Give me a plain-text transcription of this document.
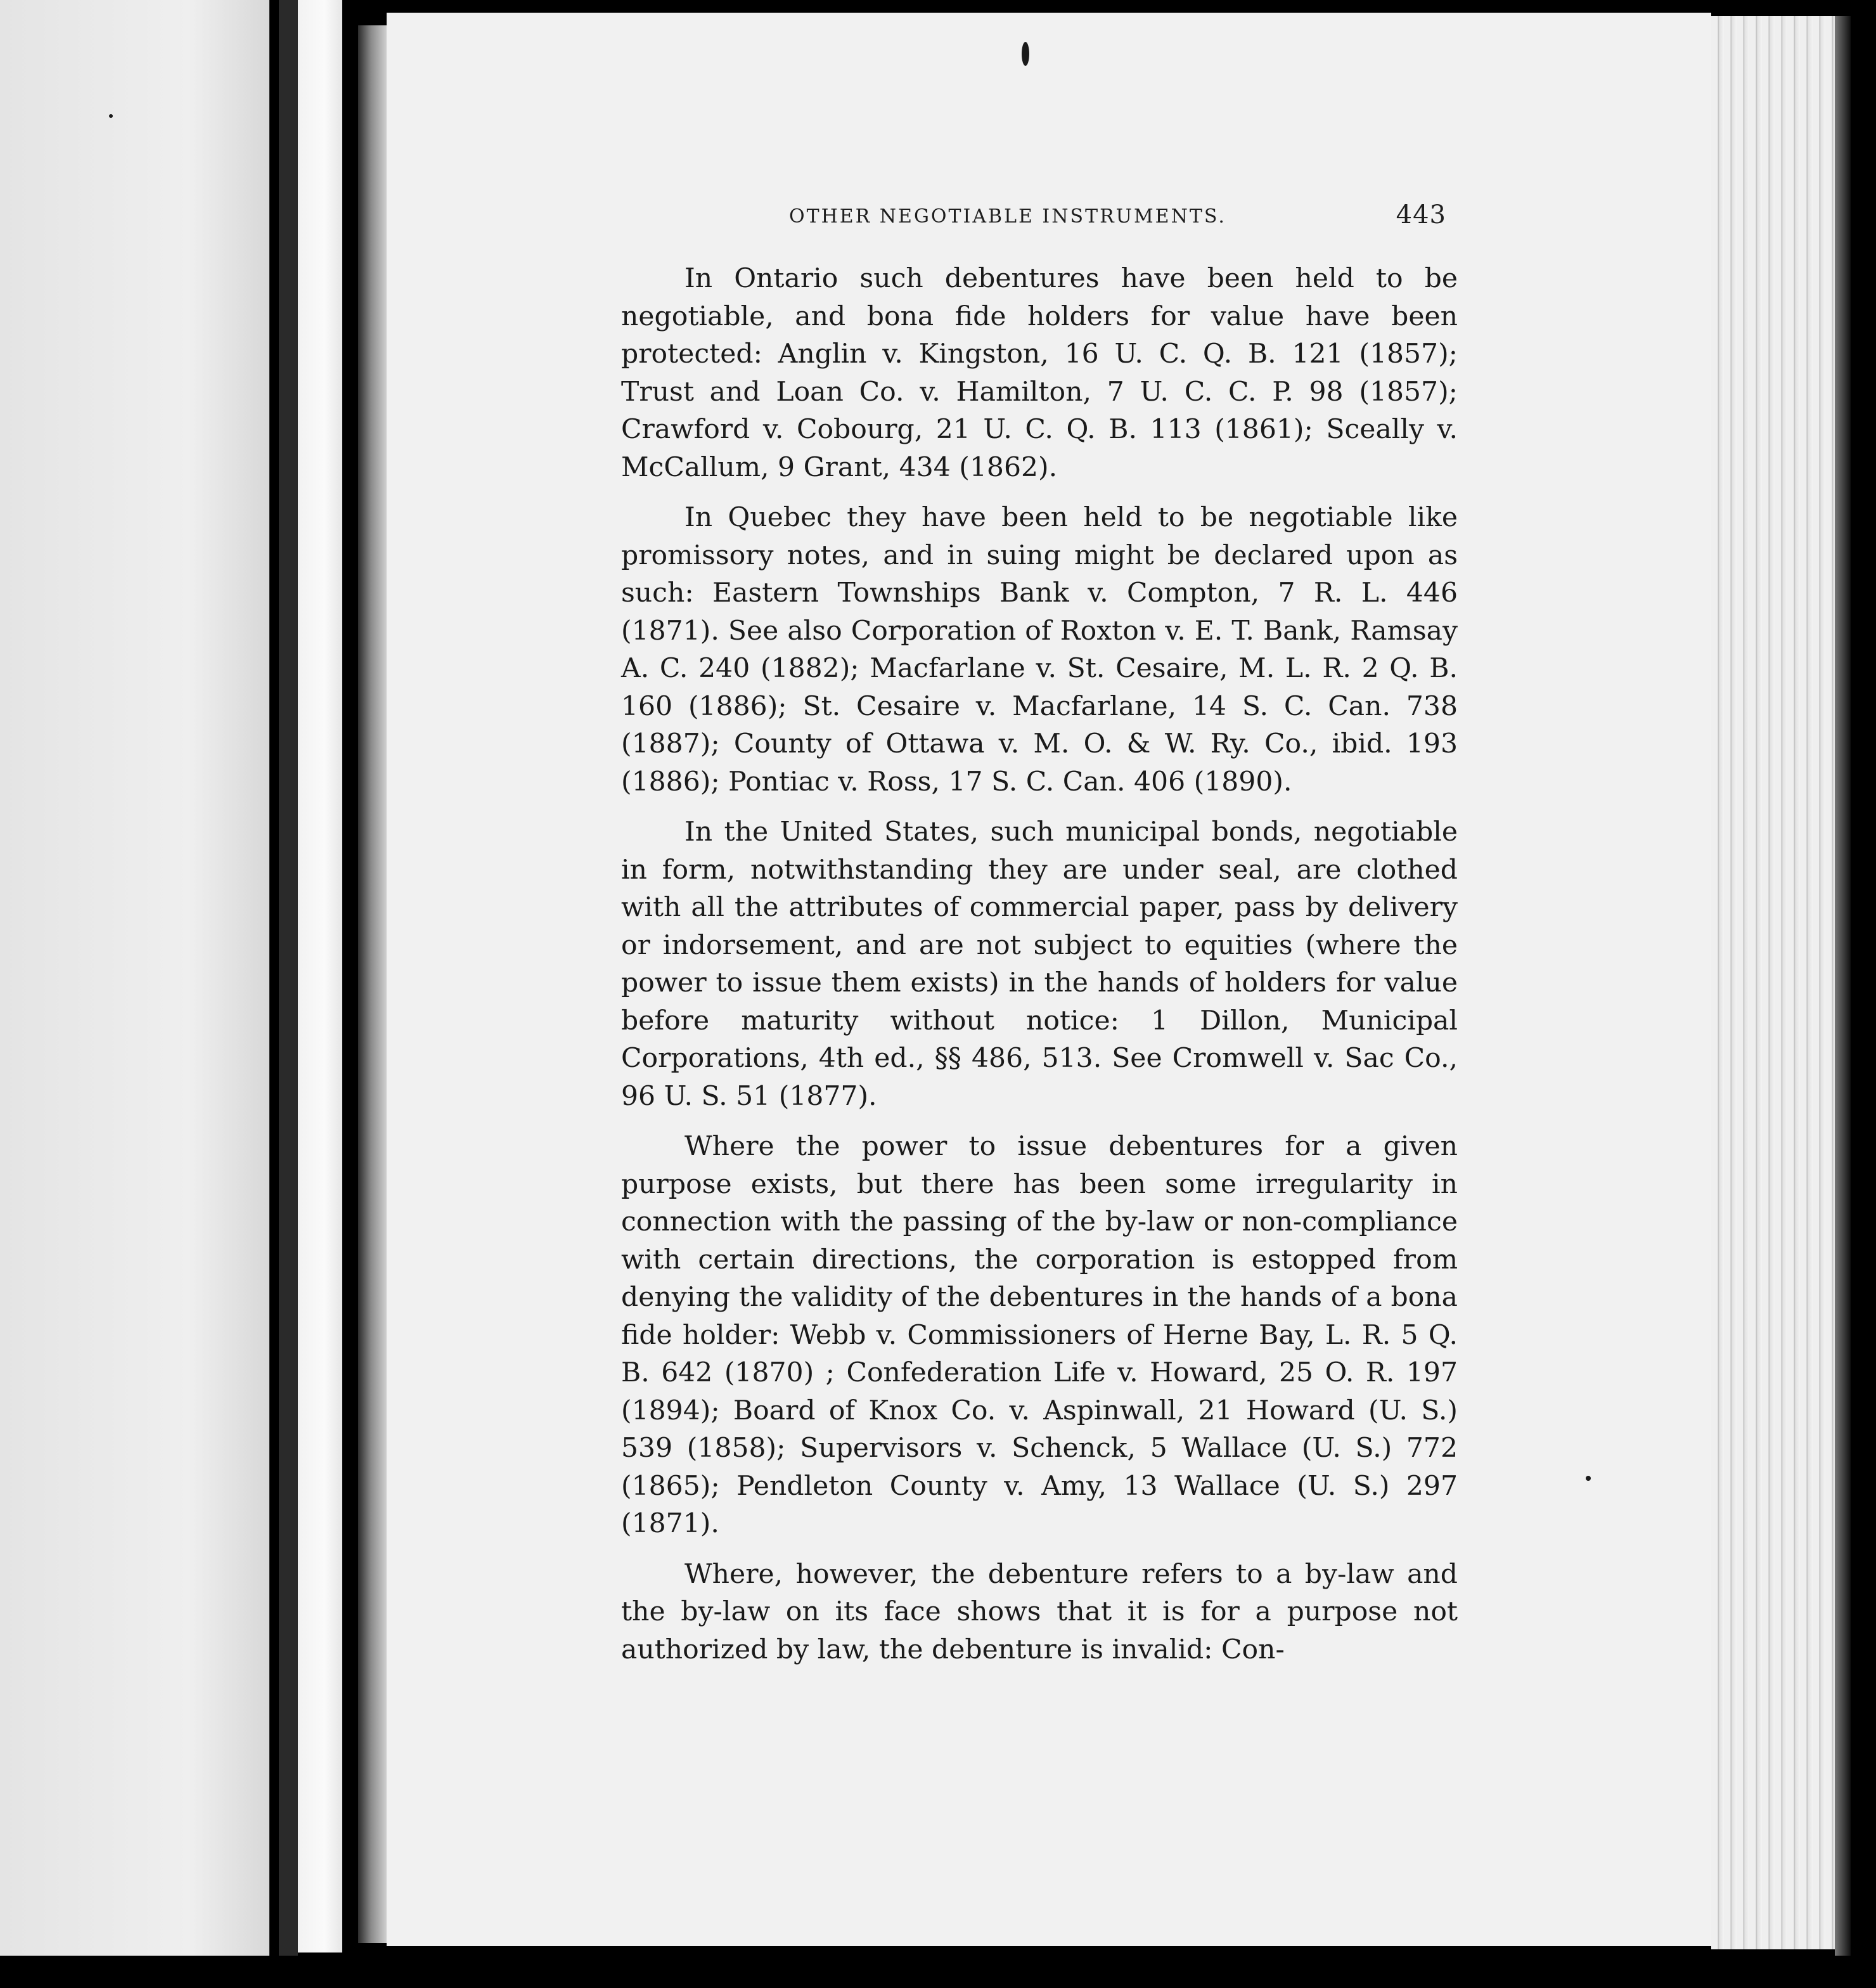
OTHER NEGOTIABLE INSTRUMENTS.	443

In Ontario such debentures have been held to be negotiable, and bona fide holders for value have been protected: Anglin v. Kingston, 16 U. C. Q. B. 121 (1857); Trust and Loan Co. v. Hamilton, 7 U. C. C. P. 98 (1857); Crawford v. Cobourg, 21 U. C. Q. B. 113 (1861); Sceally v. McCallum, 9 Grant, 434 (1862).

In Quebec they have been held to be negotiable like promissory notes, and in suing might be declared upon as such: Eastern Townships Bank v. Compton, 7 R. L. 446 (1871). See also Corporation of Roxton v. E. T. Bank, Ramsay A. C. 240 (1882); Macfarlane v. St. Cesaire, M. L. R. 2 Q. B. 160 (1886); St. Cesaire v. Macfarlane, 14 S. C. Can. 738 (1887); County of Ottawa v. M. O. & W. Ry. Co., ibid. 193 (1886); Pontiac v. Ross, 17 S. C. Can. 406 (1890).

In the United States, such municipal bonds, negotiable in form, notwithstanding they are under seal, are clothed with all the attributes of commercial paper, pass by delivery or indorsement, and are not subject to equities (where the power to issue them exists) in the hands of holders for value before maturity without notice: 1 Dillon, Municipal Corporations, 4th ed., §§ 486, 513. See Cromwell v. Sac Co., 96 U. S. 51 (1877).

Where the power to issue debentures for a given purpose exists, but there has been some irregularity in connection with the passing of the by-law or non-compliance with certain directions, the corporation is estopped from denying the validity of the debentures in the hands of a bona fide holder: Webb v. Commissioners of Herne Bay, L. R. 5 Q. B. 642 (1870) ; Confederation Life v. Howard, 25 O. R. 197 (1894); Board of Knox Co. v. Aspinwall, 21 Howard (U. S.) 539 (1858); Supervisors v. Schenck, 5 Wallace (U. S.) 772 (1865); Pendleton County v. Amy, 13 Wallace (U. S.) 297 (1871).

Where, however, the debenture refers to a by-law and the by-law on its face shows that it is for a purpose not authorized by law, the debenture is invalid: Con-
